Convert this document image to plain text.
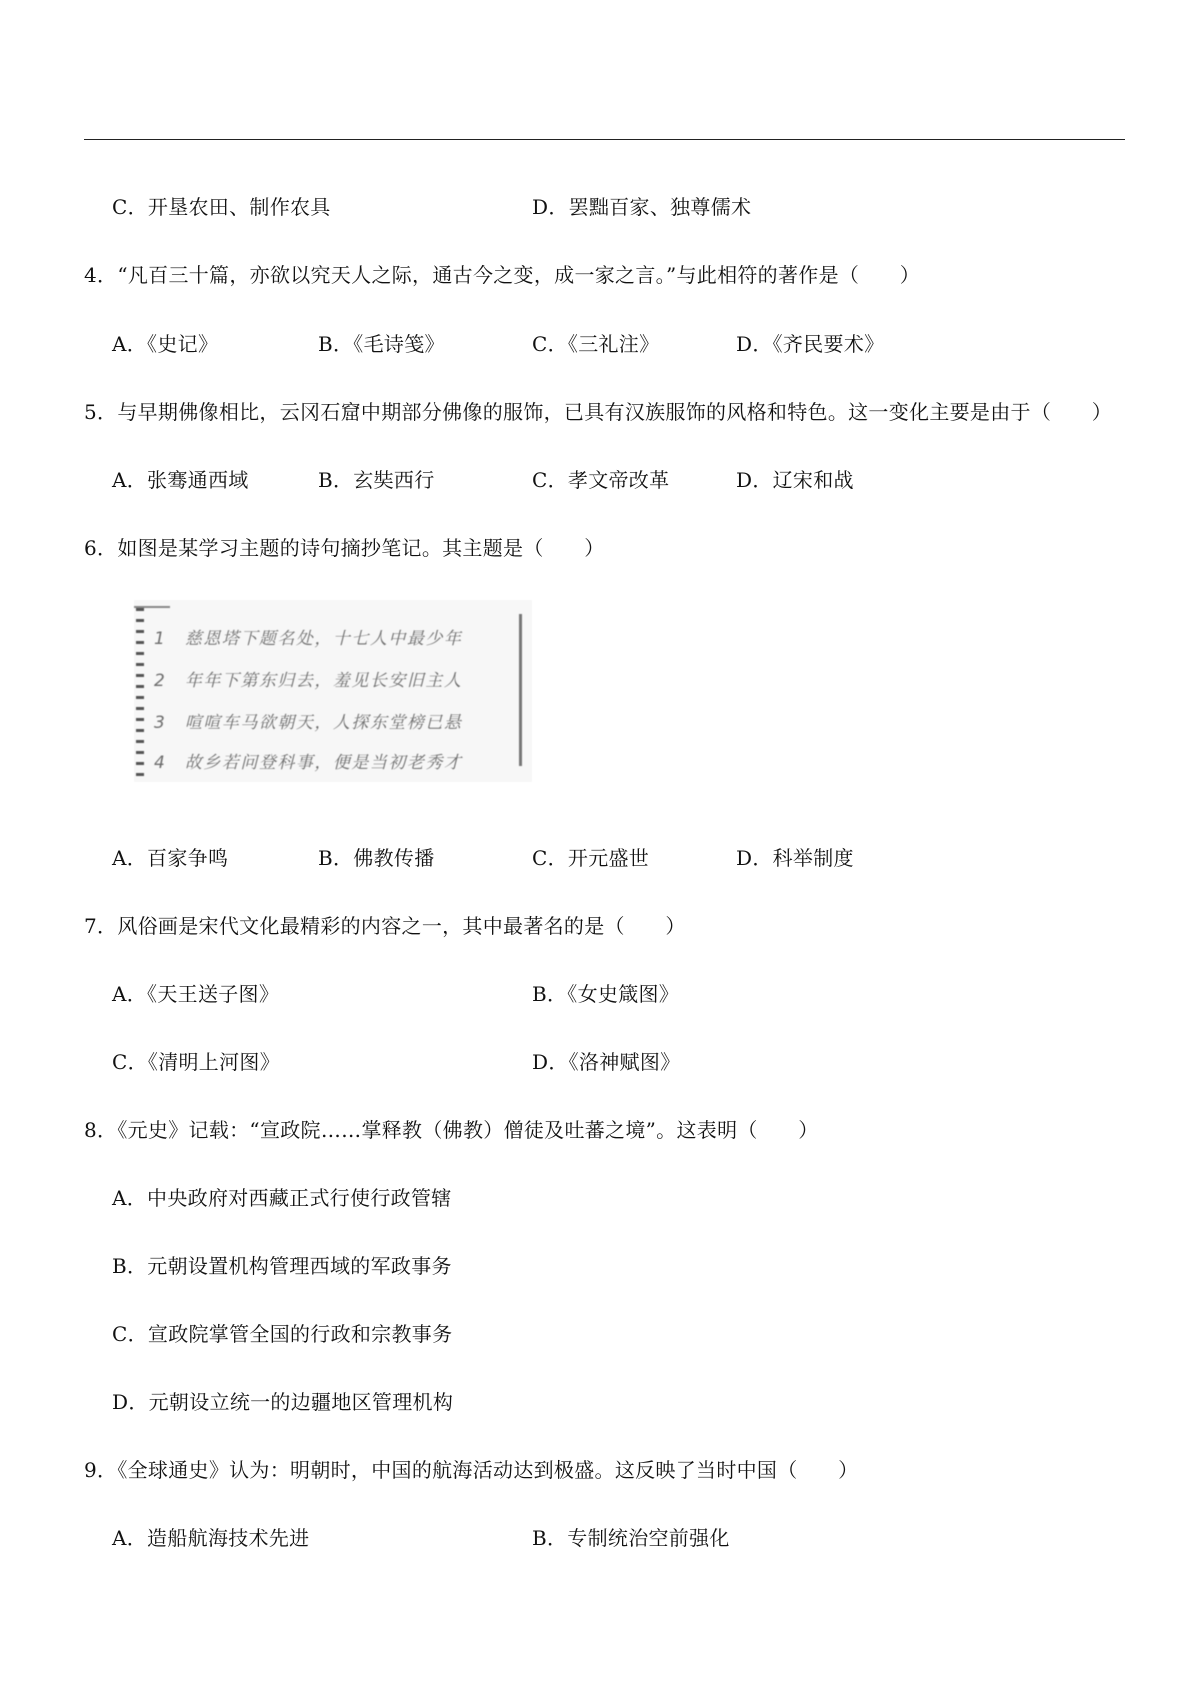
C．开垦农田、制作农具	D．罢黜百家、独尊儒术
4．“凡百三十篇，亦欲以究天人之际，通古今之变，成一家之言。”与此相符的著作是（　　）
A．《史记》	B．《毛诗笺》	C．《三礼注》	D．《齐民要术》
5．与早期佛像相比，云冈石窟中期部分佛像的服饰，已具有汉族服饰的风格和特色。这一变化主要是由于（　　）
A．张骞通西域	B．玄奘西行	C．孝文帝改革	D．辽宋和战
6．如图是某学习主题的诗句摘抄笔记。其主题是（　　）
1　慈恩塔下题名处，十七人中最少年
2　年年下第东归去，羞见长安旧主人
3　喧喧车马欲朝天，人探东堂榜已悬
4　故乡若问登科事，便是当初老秀才
A．百家争鸣	B．佛教传播	C．开元盛世	D．科举制度
7．风俗画是宋代文化最精彩的内容之一，其中最著名的是（　　）
A．《天王送子图》	B．《女史箴图》
C．《清明上河图》	D．《洛神赋图》
8．《元史》记载：“宣政院……掌释教（佛教）僧徒及吐蕃之境”。这表明（　　）
A．中央政府对西藏正式行使行政管辖
B．元朝设置机构管理西域的军政事务
C．宣政院掌管全国的行政和宗教事务
D．元朝设立统一的边疆地区管理机构
9．《全球通史》认为：明朝时，中国的航海活动达到极盛。这反映了当时中国（　　）
A．造船航海技术先进	B．专制统治空前强化
